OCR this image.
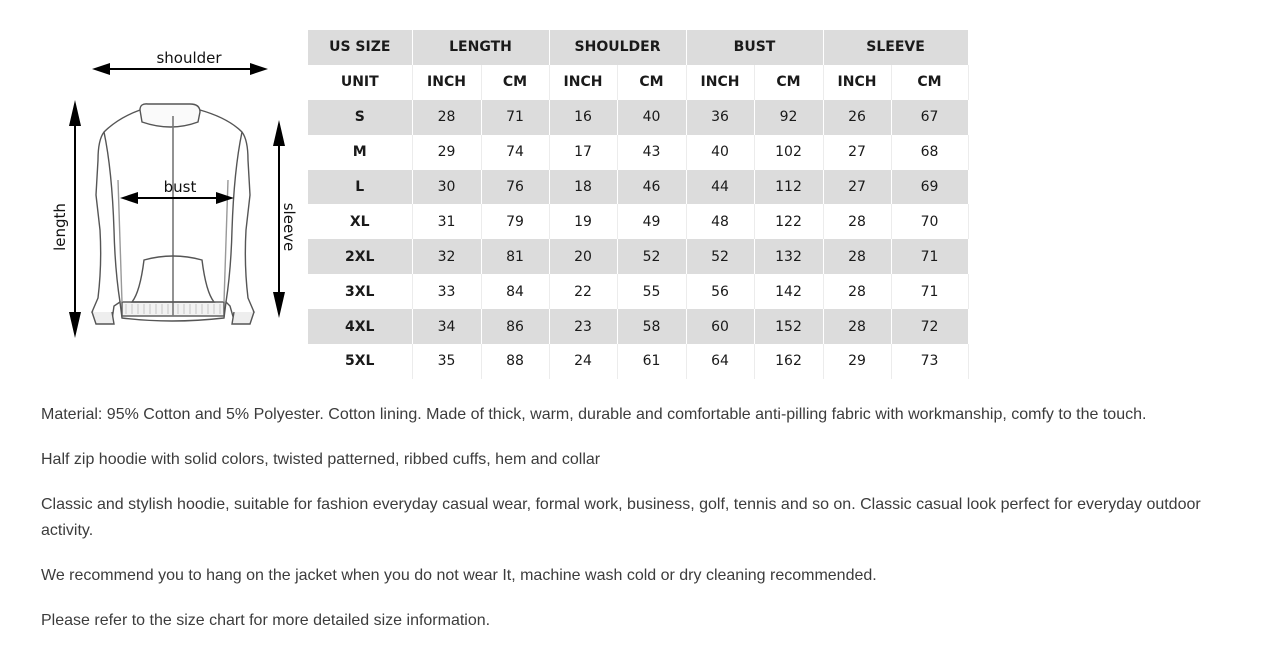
shoulder
length	sleeve
bust
US SIZE	LENGTH		SHOULDER		BUST		SLEEVE	
UNIT	INCH	CM	INCH	CM	INCH	CM	INCH	CM
S	28	71	16	40	36	92	26	67
M	29	74	17	43	40	102	27	68
L	30	76	18	46	44	112	27	69
XL	31	79	19	49	48	122	28	70
2XL	32	81	20	52	52	132	28	71
3XL	33	84	22	55	56	142	28	71
4XL	34	86	23	58	60	152	28	72
5XL	35	88	24	61	64	162	29	73

Material: 95% Cotton and 5% Polyester. Cotton lining. Made of thick, warm, durable and comfortable anti-pilling fabric with workmanship, comfy to the touch.

Half zip hoodie with solid colors, twisted patterned, ribbed cuffs, hem and collar

Classic and stylish hoodie, suitable for fashion everyday casual wear, formal work, business, golf, tennis and so on. Classic casual look perfect for everyday outdoor activity.

We recommend you to hang on the jacket when you do not wear It, machine wash cold or dry cleaning recommended.

Please refer to the size chart for more detailed size information.
